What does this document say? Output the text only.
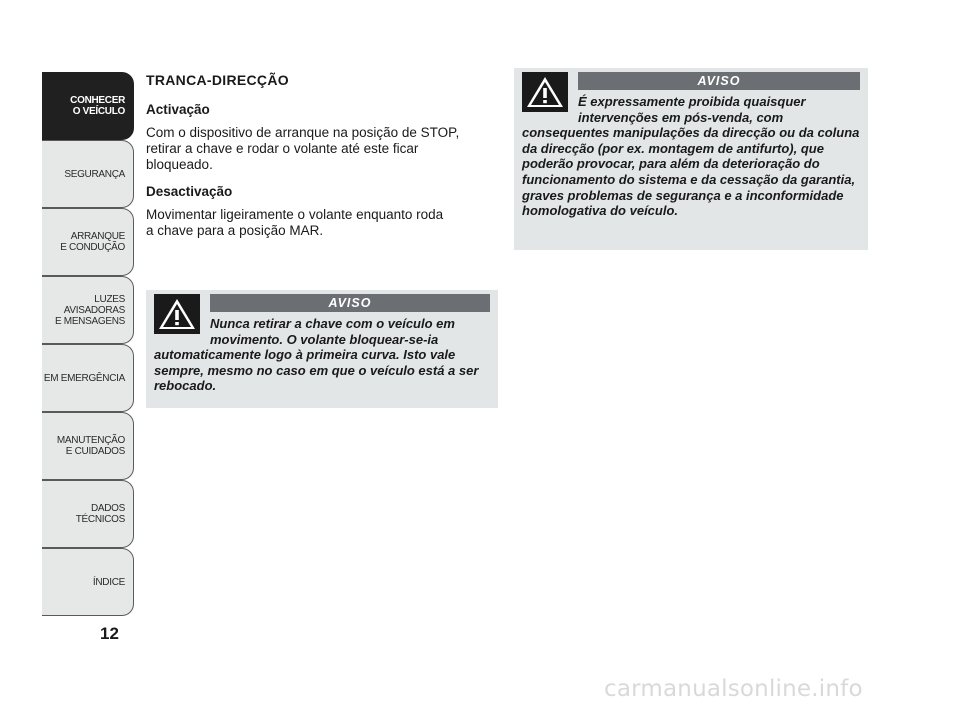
CONHECER
O VEÍCULO
SEGURANÇA
ARRANQUE
E CONDUÇÃO
LUZES
AVISADORAS
E MENSAGENS
EM EMERGÊNCIA
MANUTENÇÃO
E CUIDADOS
DADOS
TÉCNICOS
ÍNDICE
12
TRANCA-DIRECÇÃO
Activação

Com o dispositivo de arranque na posição de STOP,
retirar a chave e rodar o volante até este ficar
bloqueado.

Desactivação

Movimentar ligeiramente o volante enquanto roda
a chave para a posição MAR.

AVISO

Nunca retirar a chave com o veículo em movimento. O volante bloquear-se-ia automaticamente logo à primeira curva. Isto vale sempre, mesmo no caso em que o veículo está a ser rebocado.

AVISO

É expressamente proibida quaisquer intervenções em pós-venda, com consequentes manipulações da direcção ou da coluna da direcção (por ex. montagem de antifurto), que poderão provocar, para além da deterioração do funcionamento do sistema e da cessação da garantia, graves problemas de segurança e a inconformidade homologativa do veículo.

carmanualsonline.info
